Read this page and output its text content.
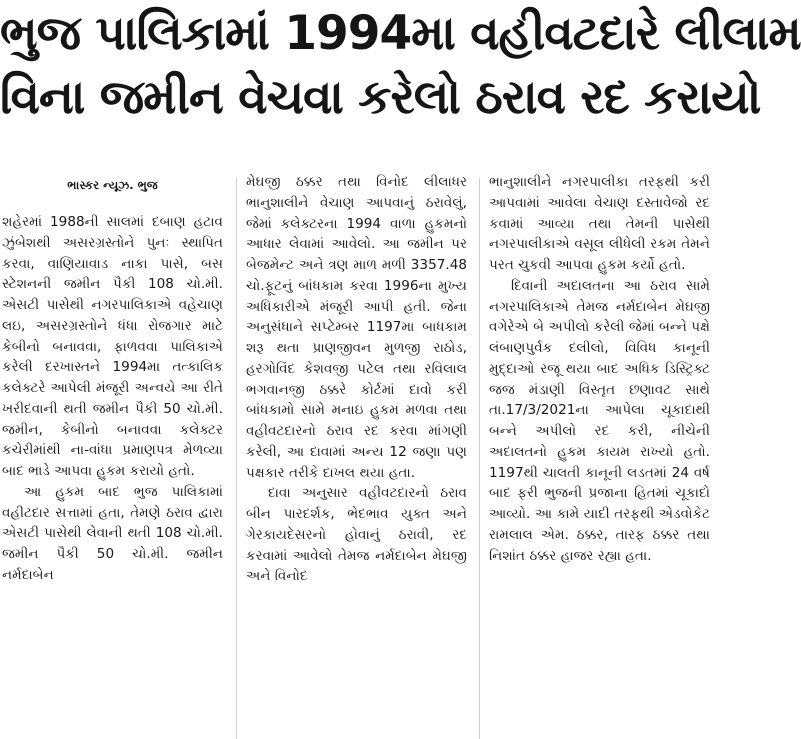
ભુજ પાલિકામાં 1994મા વહીવટદારે લીલામ
વિના જમીન વેચવા કરેલો ઠરાવ રદ કરાયો
ભાસ્કર ન્યૂઝ. ભુજ

શહેરમાં 1988ની સાલમાં દબાણ હટાવ ઝુંબેશથી અસરગ્રસ્તોને પુનઃ સ્થાપિત કરવા, વાણિયાવાડ નાકા પાસે, બસ સ્ટેશનની જમીન પૈકી 108 ચો.મી. એસટી પાસેથી નગરપાલિકાએ વહેચાણ લઇ, અસરગ્રસ્તોને ધંધા રોજગાર માટે કેબીનો બનાવવા, ફાળવવા પાલિકાએ કરેલી દરખાસ્તને 1994મા તત્કાલિક કલેક્ટરે આપેલી મંજૂરી અન્વયે આ રીતે ખરીદવાની થતી જમીન પૈકી 50 ચો.મી. જમીન, કેબીનો બનાવવા કલેક્ટર કચેરીમાંથી ના-વાંધા પ્રમાણપત્ર મેળવ્યા બાદ ભાડે આપવા હુકમ કરાયો હતો.

આ હુકમ બાદ ભુજ પાલિકામાં વહીટદાર સત્તામાં હતા, તેમણે ઠરાવ દ્વારા એસટી પાસેથી લેવાની થતી 108 ચો.મી. જમીન પૈકી 50 ચો.મી. જમીન નર્મદાબેન

મેઘજી ઠક્કર તથા વિનોદ લીલાધર ભાનુશાલીને વેચાણ આપવાનું ઠરાવેલું, જેમાં કલેક્ટરના 1994 વાળા હુકમનો આધાર લેવામાં આવેલો. આ જમીન પર બેજમેન્ટ અને ત્રણ માળ મળી 3357.48 ચો.ફૂટનું બાંધકામ કરવા 1996ના મુખ્ય અધિકારીએ મંજૂરી આપી હતી. જેના અનુસંધાને સપ્ટેમ્બર 1197મા બાધકામ શરૂ થતા પ્રાણજીવન મુળજી રાઠોડ, હરગોવિંદ કેશવજી પટેલ તથા રવિલાલ ભગવાનજી ઠક્કરે કોર્ટમાં દાવો કરી બાંધકામો સામે મનાઇ હુકમ મળવા તથા વહીવટદારનો ઠરાવ રદ કરવા માંગણી કરેલી, આ દાવામાં અન્ય 12 જણા પણ પક્ષકાર તરીકે દાખલ થયા હતા.

દાવા અનુસાર વહીવટદારનો ઠરાવ બીન પારદર્શક, ભેદભાવ યુક્ત અને ગેરકાયદેસરનો હોવાનું ઠરાવી, રદ કરવામાં આવેલો તેમજ નર્મદાબેન મેઘજી અને વિનોદ

ભાનુશાલીને નગરપાલીકા તરફથી કરી આપવામાં આવેલા વેચાણ દસ્તાવેજો રદ કવામાં આવ્યા તથા તેમની પાસેથી નગરપાલીકાએ વસૂલ લીધેલી રકમ તેમને પરત ચુકવી આપવા હુકમ કર્યો હતો.

દિવાની અદાલતના આ ઠરાવ સામે નગરપાલિકાએ તેમજ નર્મદાબેન મેઘજી વગેરેએ બે અપીલો કરેલી જેમાં બન્ને પક્ષે લંબાણપુર્વક દલીલો, વિવિધ કાનૂની મુદ્દાઓ રજૂ થયા બાદ અધિક ડિસ્ટ્રિક્ટ જજ મંડાણી વિસ્તૃત છણાવટ સાથે તા.17/3/2021ના આપેલા ચૂકાદાથી બન્ને અપીલો રદ કરી, નીચેની અદાલતનો હુકમ કાયમ રાખ્યો હતો. 1197થી ચાલતી કાનૂની લડતમાં 24 વર્ષ બાદ ફરી ભુજની પ્રજાના હિતમાં ચૂકાદો આવ્યો. આ કામે યાદી તરફથી એડવોકેટ રામલાલ એમ. ઠક્કર, તારફ ઠક્કર તથા નિશાંત ઠક્કર હાજર રહ્યા હતા.
